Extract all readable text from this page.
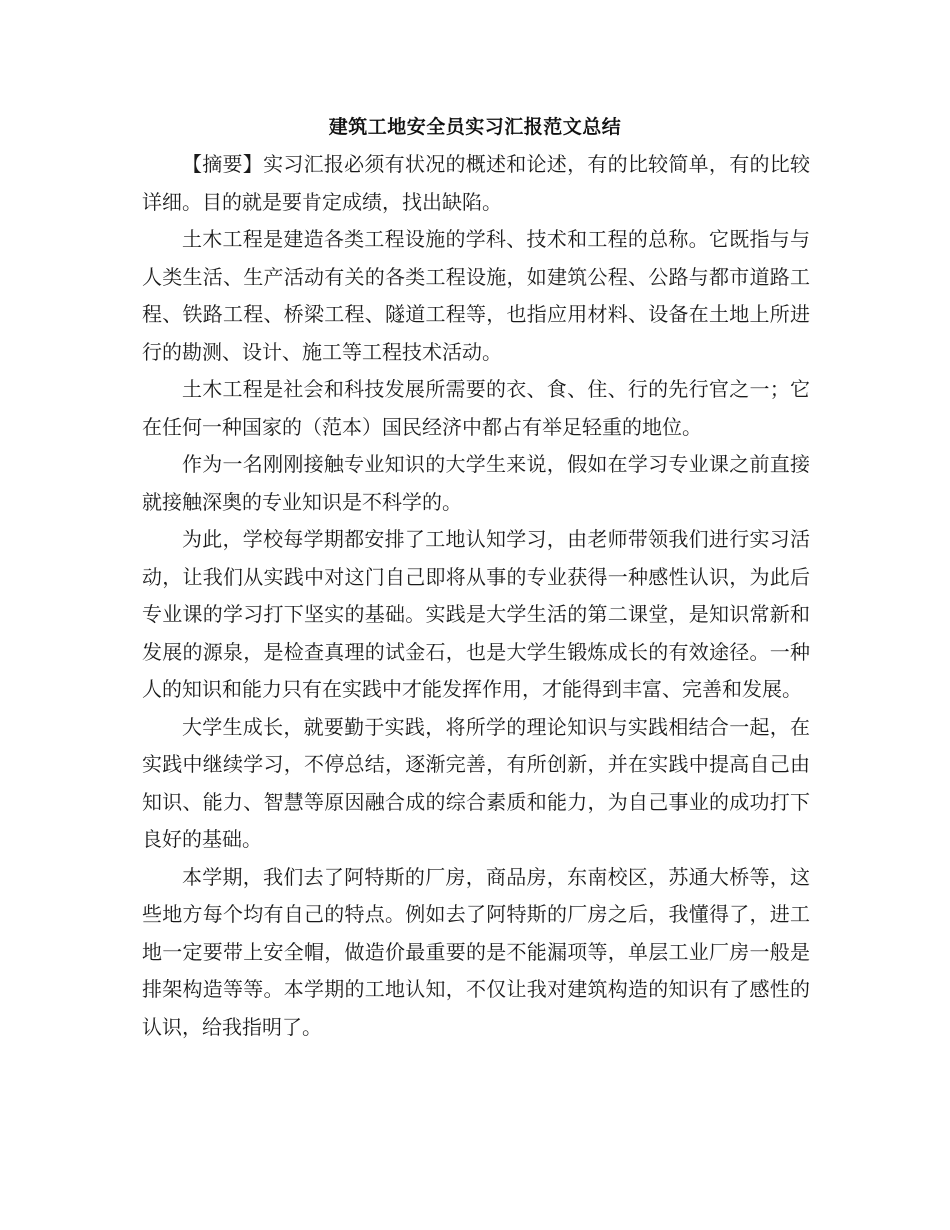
建筑工地安全员实习汇报范文总结

【摘要】实习汇报必须有状况的概述和论述，有的比较简单，有的比较详细。目的就是要肯定成绩，找出缺陷。

土木工程是建造各类工程设施的学科、技术和工程的总称。它既指与与人类生活、生产活动有关的各类工程设施，如建筑公程、公路与都市道路工程、铁路工程、桥梁工程、隧道工程等，也指应用材料、设备在土地上所进行的勘测、设计、施工等工程技术活动。

土木工程是社会和科技发展所需要的衣、食、住、行的先行官之一；它在任何一种国家的（范本）国民经济中都占有举足轻重的地位。

作为一名刚刚接触专业知识的大学生来说，假如在学习专业课之前直接就接触深奥的专业知识是不科学的。

为此，学校每学期都安排了工地认知学习，由老师带领我们进行实习活动，让我们从实践中对这门自己即将从事的专业获得一种感性认识，为此后专业课的学习打下坚实的基础。实践是大学生活的第二课堂，是知识常新和发展的源泉，是检查真理的试金石，也是大学生锻炼成长的有效途径。一种人的知识和能力只有在实践中才能发挥作用，才能得到丰富、完善和发展。

大学生成长，就要勤于实践，将所学的理论知识与实践相结合一起，在实践中继续学习，不停总结，逐渐完善，有所创新，并在实践中提高自己由知识、能力、智慧等原因融合成的综合素质和能力，为自己事业的成功打下良好的基础。

本学期，我们去了阿特斯的厂房，商品房，东南校区，苏通大桥等，这些地方每个均有自己的特点。例如去了阿特斯的厂房之后，我懂得了，进工地一定要带上安全帽，做造价最重要的是不能漏项等，单层工业厂房一般是排架构造等等。本学期的工地认知，不仅让我对建筑构造的知识有了感性的认识，给我指明了。
